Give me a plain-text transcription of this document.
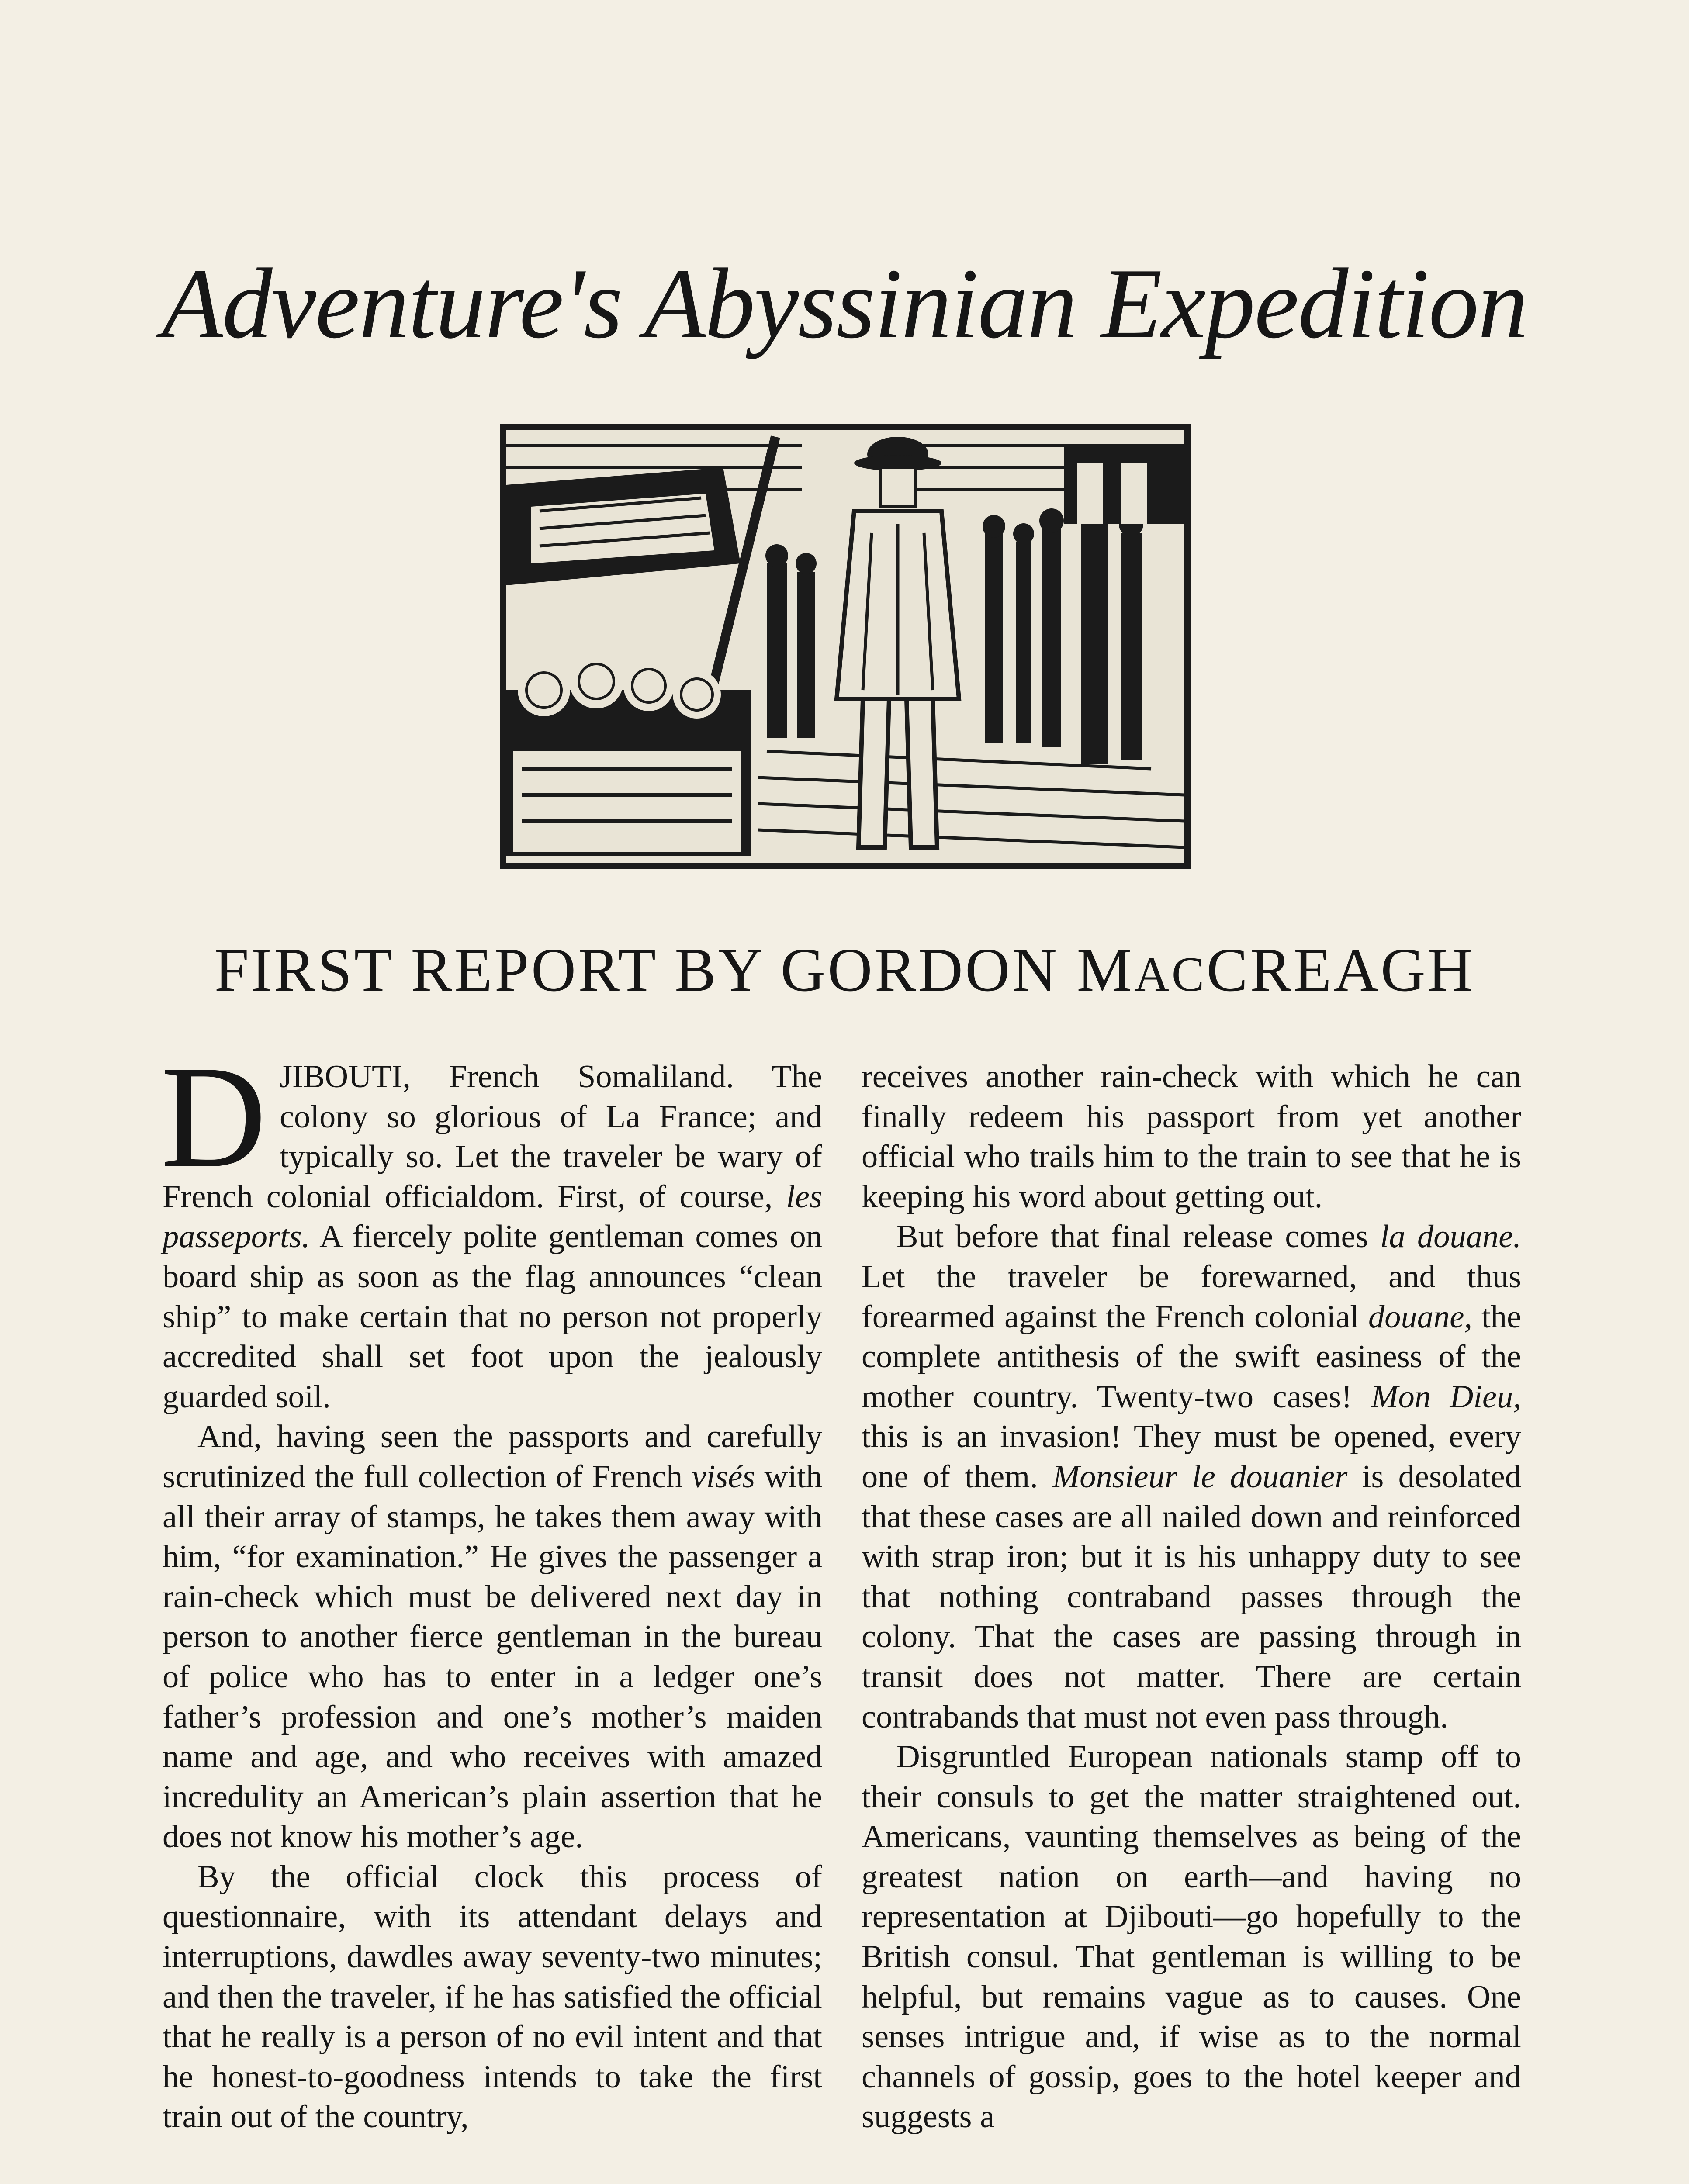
Adventure's Abyssinian Expedition
FIRST REPORT BY GORDON MACCREAGH

DJIBOUTI, French Somaliland. The colony so glorious of La France; and typically so. Let the traveler be wary of French colonial officialdom. First, of course, les passeports. A fiercely polite gentleman comes on board ship as soon as the flag announces “clean ship” to make certain that no person not properly accredited shall set foot upon the jealously guarded soil.

And, having seen the passports and carefully scrutinized the full collection of French visés with all their array of stamps, he takes them away with him, “for examination.” He gives the passenger a rain-check which must be delivered next day in person to another fierce gentleman in the bureau of police who has to enter in a ledger one’s father’s profession and one’s mother’s maiden name and age, and who receives with amazed incredulity an American’s plain assertion that he does not know his mother’s age.

By the official clock this process of questionnaire, with its attendant delays and interruptions, dawdles away seventy-two minutes; and then the traveler, if he has satisfied the official that he really is a person of no evil intent and that he honest-to-goodness intends to take the first train out of the country,

receives another rain-check with which he can finally redeem his passport from yet another official who trails him to the train to see that he is keeping his word about getting out.

But before that final release comes la douane. Let the traveler be forewarned, and thus forearmed against the French colonial douane, the complete antithesis of the swift easiness of the mother country. Twenty-two cases! Mon Dieu, this is an invasion! They must be opened, every one of them. Monsieur le douanier is desolated that these cases are all nailed down and reinforced with strap iron; but it is his unhappy duty to see that nothing contraband passes through the colony. That the cases are passing through in transit does not matter. There are certain contrabands that must not even pass through.

Disgruntled European nationals stamp off to their consuls to get the matter straightened out. Americans, vaunting themselves as being of the greatest nation on earth—and having no representation at Djibouti—go hopefully to the British consul. That gentleman is willing to be helpful, but remains vague as to causes. One senses intrigue and, if wise as to the normal channels of gossip, goes to the hotel keeper and suggests a
